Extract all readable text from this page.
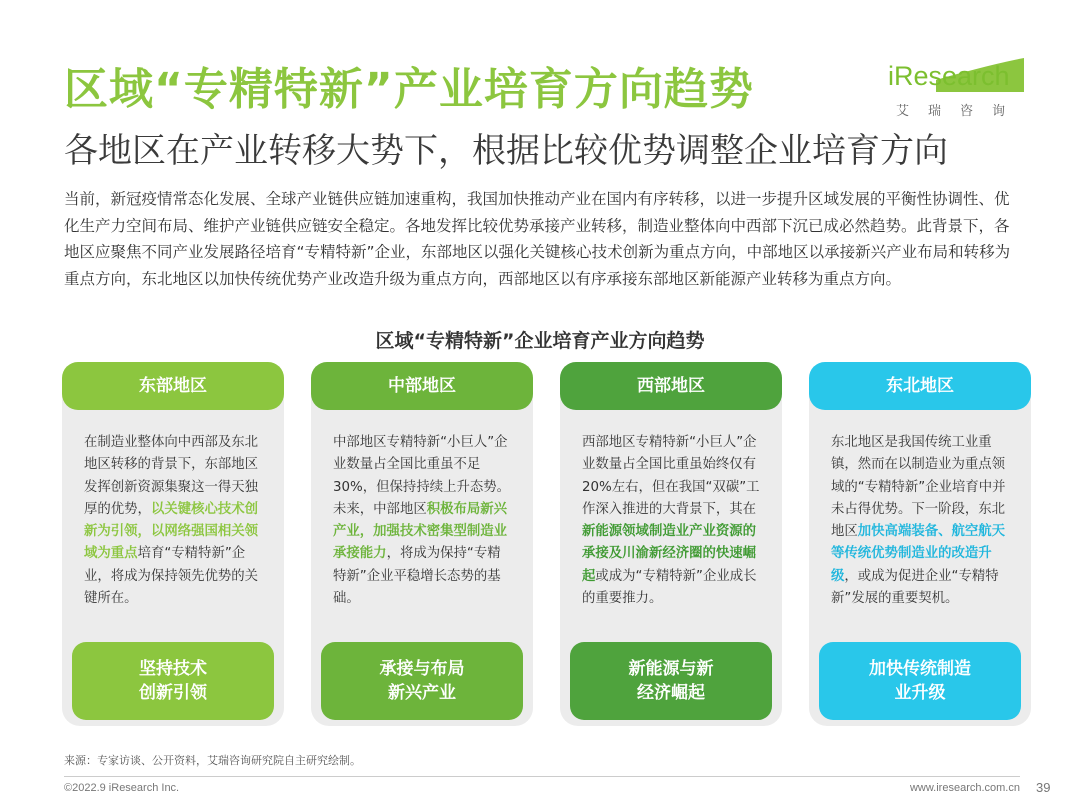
区域“专精特新”产业培育方向趋势
各地区在产业转移大势下，根据比较优势调整企业培育方向
iResearch
艾瑞咨询

当前，新冠疫情常态化发展、全球产业链供应链加速重构，我国加快推动产业在国内有序转移，以进一步提升区域发展的平衡性协调性、优化生产力空间布局、维护产业链供应链安全稳定。各地发挥比较优势承接产业转移，制造业整体向中西部下沉已成必然趋势。此背景下，各地区应聚焦不同产业发展路径培育“专精特新”企业，东部地区以强化关键核心技术创新为重点方向，中部地区以承接新兴产业布局和转移为重点方向，东北地区以加快传统优势产业改造升级为重点方向，西部地区以有序承接东部地区新能源产业转移为重点方向。

区域“专精特新”企业培育产业方向趋势
东部地区

在制造业整体向中西部及东北地区转移的背景下，东部地区发挥创新资源集聚这一得天独厚的优势，以关键核心技术创新为引领，以网络强国相关领域为重点培育“专精特新”企业，将成为保持领先优势的关键所在。

坚持技术
创新引领
中部地区

中部地区专精特新“小巨人”企业数量占全国比重虽不足30%，但保持持续上升态势。未来，中部地区积极布局新兴产业，加强技术密集型制造业承接能力，将成为保持“专精特新”企业平稳增长态势的基础。

承接与布局
新兴产业
西部地区

西部地区专精特新“小巨人”企业数量占全国比重虽始终仅有20%左右，但在我国“双碳”工作深入推进的大背景下，其在新能源领域制造业产业资源的承接及川渝新经济圈的快速崛起或成为“专精特新”企业成长的重要推力。

新能源与新
经济崛起
东北地区

东北地区是我国传统工业重镇，然而在以制造业为重点领域的“专精特新”企业培育中并未占得优势。下一阶段，东北地区加快高端装备、航空航天等传统优势制造业的改造升级，或成为促进企业“专精特新”发展的重要契机。

加快传统制造
业升级
来源：专家访谈、公开资料，艾瑞咨询研究院自主研究绘制。
©2022.9 iResearch Inc.	www.iresearch.com.cn 39
